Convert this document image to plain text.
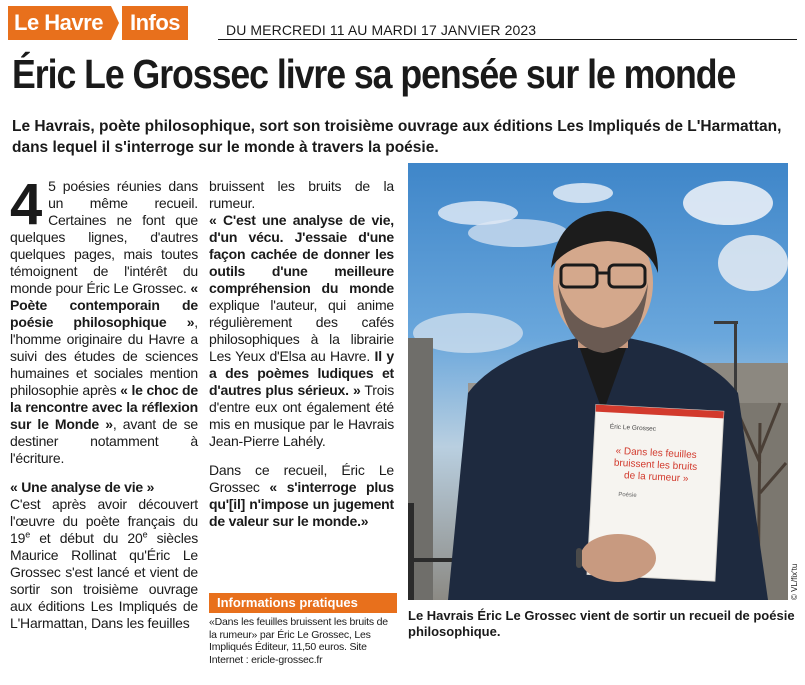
Le Havre	Infos	DU MERCREDI 11 AU MARDI 17 JANVIER 2023
Éric Le Grossec livre sa pensée sur le monde
Le Havrais, poète philosophique, sort son troisième ouvrage aux éditions Les Impliqués de L'Harmattan, dans lequel il s'interroge sur le monde à travers la poésie.
4 5 poésies réunies dans un même recueil. Certaines ne font que quelques lignes, d'autres quelques pages, mais toutes témoignent de l'intérêt du monde pour Éric Le Grossec. « Poète contemporain de poésie philosophique », l'homme originaire du Havre a suivi des études de sciences humaines et sociales mention philosophie après « le choc de la rencontre avec la réflexion sur le Monde », avant de se destiner notamment à l'écriture.
« Une analyse de vie »
C'est après avoir découvert l'œuvre du poète français du 19e et début du 20e siècles Maurice Rollinat qu'Éric Le Grossec s'est lancé et vient de sortir son troisième ouvrage aux éditions Les Impliqués de L'Harmattan, Dans les feuilles
bruissent les bruits de la rumeur.
« C'est une analyse de vie, d'un vécu. J'essaie d'une façon cachée de donner les outils d'une meilleure compréhension du monde explique l'auteur, qui anime régulièrement des cafés philosophiques à la librairie Les Yeux d'Elsa au Havre. Il y a des poèmes ludiques et d'autres plus sérieux. » Trois d'entre eux ont également été mis en musique par le Havrais Jean-Pierre Lahély.
Dans ce recueil, Éric Le Grossec « s'interroge plus qu'[il] n'impose un jugement de valeur sur le monde.»
Informations pratiques
«Dans les feuilles bruissent les bruits de la rumeur» par Éric Le Grossec, Les Impliqués Éditeur, 11,50 euros. Site Internet : ericle-grossec.fr
Éric Le Grossec
« Dans les feuilles bruissent les bruits de la rumeur »
Poésie
© VL/fix'tu
Le Havrais Éric Le Grossec vient de sortir un recueil de poésie philosophique.
